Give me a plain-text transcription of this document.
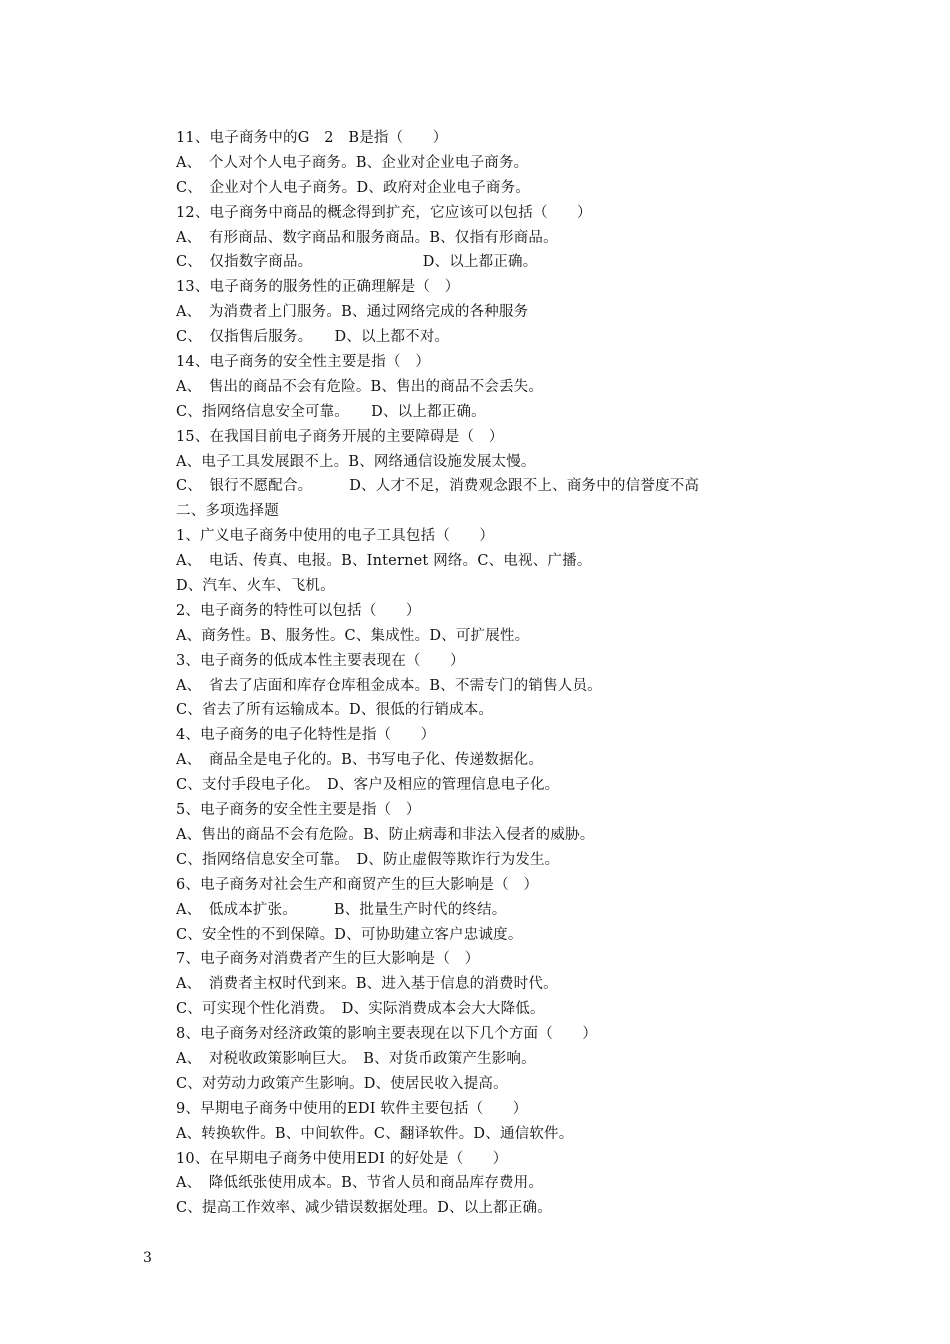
11、电子商务中的G　2　B是指（　　）
A、　个人对个人电子商务。B、企业对企业电子商务。
C、　企业对个人电子商务。D、政府对企业电子商务。
12、电子商务中商品的概念得到扩充，它应该可以包括（　　）
A、　有形商品、数字商品和服务商品。B、仅指有形商品。
C、　仅指数字商品。　　　　　　　　D、以上都正确。
13、电子商务的服务性的正确理解是（　）
A、　为消费者上门服务。B、通过网络完成的各种服务
C、　仅指售后服务。　　D、以上都不对。
14、电子商务的安全性主要是指（　）
A、　售出的商品不会有危险。B、售出的商品不会丢失。
C、指网络信息安全可靠。　　D、以上都正确。
15、在我国目前电子商务开展的主要障碍是（　）
A、电子工具发展跟不上。B、网络通信设施发展太慢。
C、　银行不愿配合。　　　D、人才不足，消费观念跟不上、商务中的信誉度不高
二、多项选择题
1、广义电子商务中使用的电子工具包括（　　）
A、　电话、传真、电报。B、Internet 网络。C、电视、广播。
D、汽车、火车、飞机。
2、电子商务的特性可以包括（　　）
A、商务性。B、服务性。C、集成性。D、可扩展性。
3、电子商务的低成本性主要表现在（　　）
A、　省去了店面和库存仓库租金成本。B、不需专门的销售人员。
C、省去了所有运输成本。D、很低的行销成本。
4、电子商务的电子化特性是指（　　）
A、　商品全是电子化的。B、书写电子化、传递数据化。
C、支付手段电子化。　D、客户及相应的管理信息电子化。
5、电子商务的安全性主要是指（　）
A、售出的商品不会有危险。B、防止病毒和非法入侵者的威胁。
C、指网络信息安全可靠。　D、防止虚假等欺诈行为发生。
6、电子商务对社会生产和商贸产生的巨大影响是（　）
A、　低成本扩张。　　　B、批量生产时代的终结。
C、安全性的不到保障。D、可协助建立客户忠诚度。
7、电子商务对消费者产生的巨大影响是（　）
A、　消费者主权时代到来。B、进入基于信息的消费时代。
C、可实现个性化消费。　D、实际消费成本会大大降低。
8、电子商务对经济政策的影响主要表现在以下几个方面（　　）
A、　对税收政策影响巨大。　B、对货币政策产生影响。
C、对劳动力政策产生影响。D、使居民收入提高。
9、早期电子商务中使用的EDI 软件主要包括（　　）
A、转换软件。B、中间软件。C、翻译软件。D、通信软件。
10、在早期电子商务中使用EDI 的好处是（　　）
A、　降低纸张使用成本。B、节省人员和商品库存费用。
C、提高工作效率、减少错误数据处理。D、以上都正确。
3
